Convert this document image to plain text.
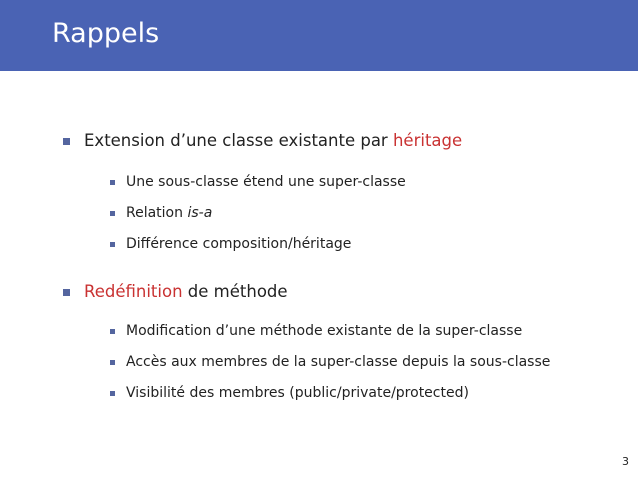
Rappels
Extension d’une classe existante par héritage
Une sous-classe étend une super-classe
Relation is-a
Différence composition/héritage
Redéfinition de méthode
Modification d’une méthode existante de la super-classe
Accès aux membres de la super-classe depuis la sous-classe
Visibilité des membres (public/private/protected)
3
